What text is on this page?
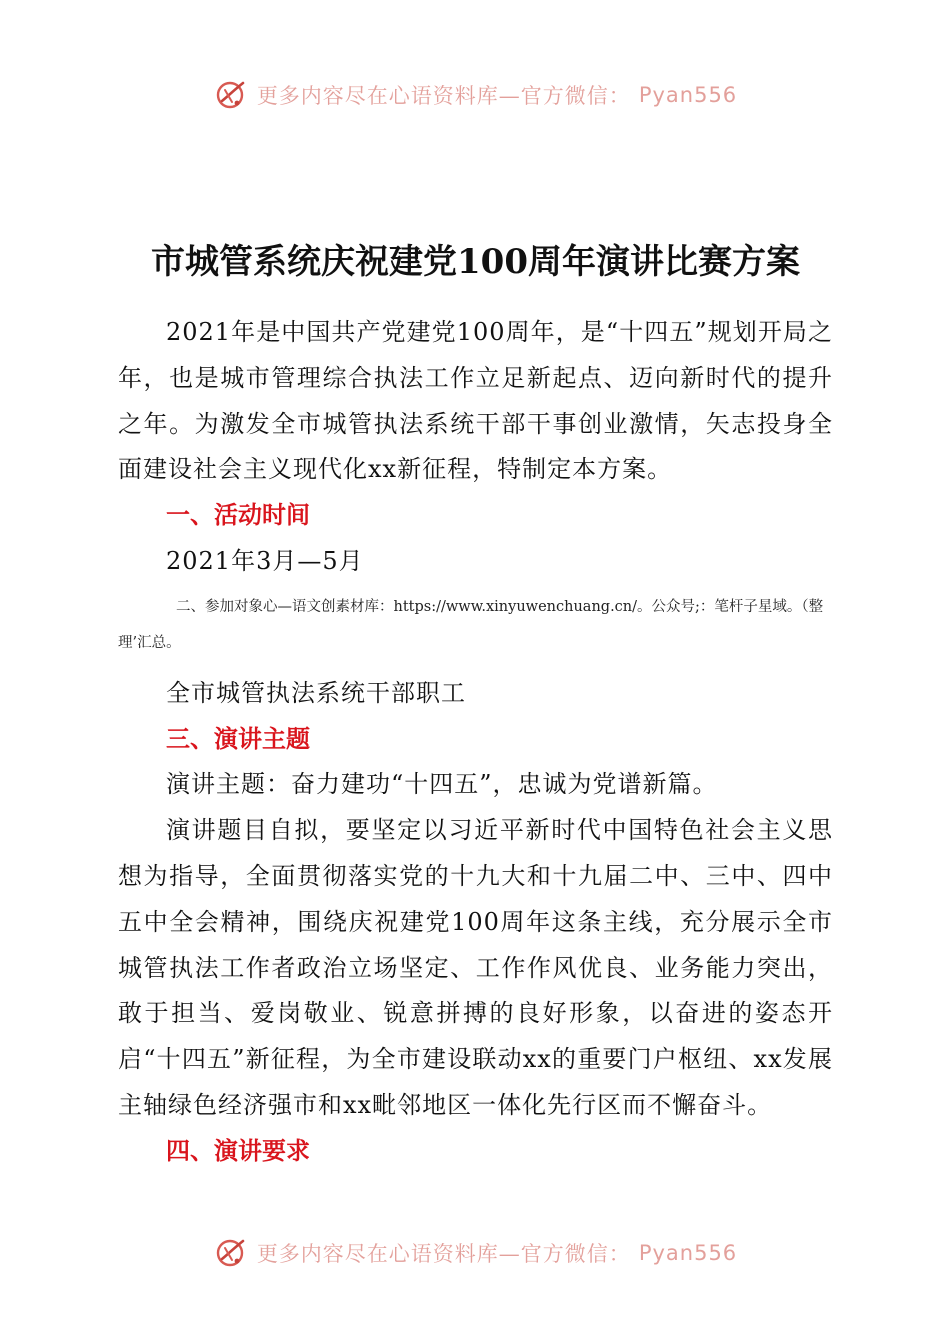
更多内容尽在心语资料库—官方微信： Pyan556
市城管系统庆祝建党100周年演讲比赛方案

2021年是中国共产党建党100周年，是“十四五”规划开局之年，也是城市管理综合执法工作立足新起点、迈向新时代的提升之年。为激发全市城管执法系统干部干事创业激情，矢志投身全面建设社会主义现代化xx新征程，特制定本方案。

一、活动时间

2021年3月—5月

二、参加对象心—语文创素材库：https://www.xinyuwenchuang.cn/。公众号;：笔杆子星域。（整理’汇总。

全市城管执法系统干部职工

三、演讲主题

演讲主题：奋力建功“十四五”，忠诚为党谱新篇。

演讲题目自拟，要坚定以习近平新时代中国特色社会主义思想为指导，全面贯彻落实党的十九大和十九届二中、三中、四中五中全会精神，围绕庆祝建党100周年这条主线，充分展示全市城管执法工作者政治立场坚定、工作作风优良、业务能力突出，敢于担当、爱岗敬业、锐意拼搏的良好形象，以奋进的姿态开启“十四五”新征程，为全市建设联动xx的重要门户枢纽、xx发展主轴绿色经济强市和xx毗邻地区一体化先行区而不懈奋斗。

四、演讲要求

更多内容尽在心语资料库—官方微信： Pyan556
